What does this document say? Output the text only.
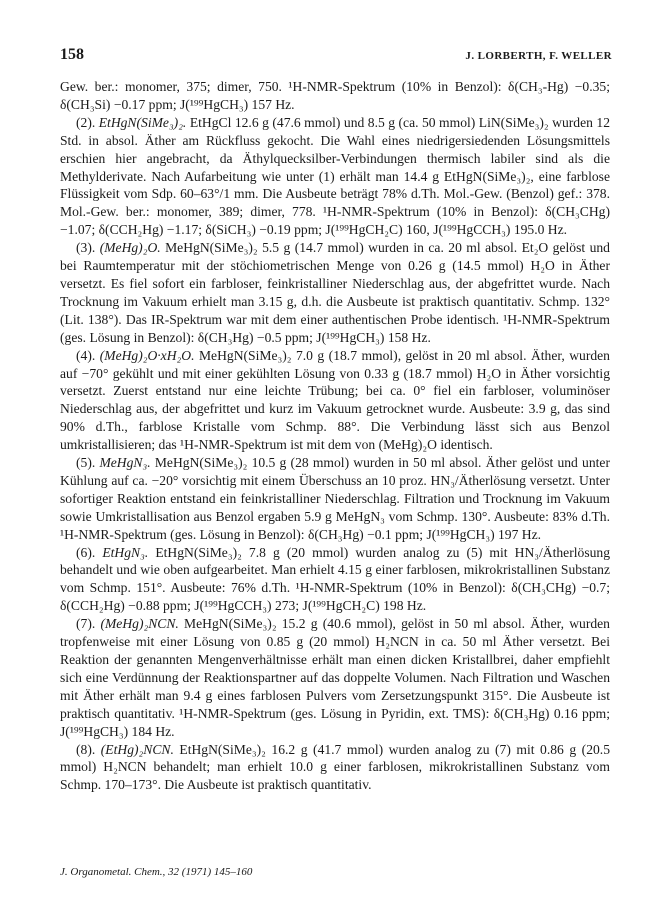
158	J. LORBERTH, F. WELLER

Gew. ber.: monomer, 375; dimer, 750. ¹H-NMR-Spektrum (10% in Benzol): δ(CH₃-Hg) −0.35; δ(CH₃Si) −0.17 ppm; J(¹⁹⁹HgCH₃) 157 Hz.

(2). EtHgN(SiMe₃)₂. EtHgCl 12.6 g (47.6 mmol) und 8.5 g (ca. 50 mmol) LiN(SiMe₃)₂ wurden 12 Std. in absol. Äther am Rückfluss gekocht. Die Wahl eines niedrigersiedenden Lösungsmittels erschien hier angebracht, da Äthylquecksilber-Verbindungen thermisch labiler sind als die Methylderivate. Nach Aufarbeitung wie unter (1) erhält man 14.4 g EtHgN(SiMe₃)₂, eine farblose Flüssigkeit vom Sdp. 60–63°/1 mm. Die Ausbeute beträgt 78% d.Th. Mol.-Gew. (Benzol) gef.: 378. Mol.-Gew. ber.: monomer, 389; dimer, 778. ¹H-NMR-Spektrum (10% in Benzol): δ(CH₃CHg) −1.07; δ(CCH₂Hg) −1.17; δ(SiCH₃) −0.19 ppm; J(¹⁹⁹HgCH₂C) 160, J(¹⁹⁹HgCCH₃) 195.0 Hz.

(3). (MeHg)₂O. MeHgN(SiMe₃)₂ 5.5 g (14.7 mmol) wurden in ca. 20 ml absol. Et₂O gelöst und bei Raumtemperatur mit der stöchiometrischen Menge von 0.26 g (14.5 mmol) H₂O in Äther versetzt. Es fiel sofort ein farbloser, feinkristalliner Niederschlag aus, der abgefrittet wurde. Nach Trocknung im Vakuum erhielt man 3.15 g, d.h. die Ausbeute ist praktisch quantitativ. Schmp. 132° (Lit. 138°). Das IR-Spektrum war mit dem einer authentischen Probe identisch. ¹H-NMR-Spektrum (ges. Lösung in Benzol): δ(CH₃Hg) −0.5 ppm; J(¹⁹⁹HgCH₃) 158 Hz.

(4). (MeHg)₂O·xH₂O. MeHgN(SiMe₃)₂ 7.0 g (18.7 mmol), gelöst in 20 ml absol. Äther, wurden auf −70° gekühlt und mit einer gekühlten Lösung von 0.33 g (18.7 mmol) H₂O in Äther vorsichtig versetzt. Zuerst entstand nur eine leichte Trübung; bei ca. 0° fiel ein farbloser, voluminöser Niederschlag aus, der abgefrittet und kurz im Vakuum getrocknet wurde. Ausbeute: 3.9 g, das sind 90% d.Th., farblose Kristalle vom Schmp. 88°. Die Verbindung lässt sich aus Benzol umkristallisieren; das ¹H-NMR-Spektrum ist mit dem von (MeHg)₂O identisch.

(5). MeHgN₃. MeHgN(SiMe₃)₂ 10.5 g (28 mmol) wurden in 50 ml absol. Äther gelöst und unter Kühlung auf ca. −20° vorsichtig mit einem Überschuss an 10 proz. HN₃/Ätherlösung versetzt. Unter sofortiger Reaktion entstand ein feinkristalliner Niederschlag. Filtration und Trocknung im Vakuum sowie Umkristallisation aus Benzol ergaben 5.9 g MeHgN₃ vom Schmp. 130°. Ausbeute: 83% d.Th. ¹H-NMR-Spektrum (ges. Lösung in Benzol): δ(CH₃Hg) −0.1 ppm; J(¹⁹⁹HgCH₃) 197 Hz.

(6). EtHgN₃. EtHgN(SiMe₃)₂ 7.8 g (20 mmol) wurden analog zu (5) mit HN₃/Ätherlösung behandelt und wie oben aufgearbeitet. Man erhielt 4.15 g einer farblosen, mikrokristallinen Substanz vom Schmp. 151°. Ausbeute: 76% d.Th. ¹H-NMR-Spektrum (10% in Benzol): δ(CH₃CHg) −0.7; δ(CCH₂Hg) −0.88 ppm; J(¹⁹⁹HgCCH₃) 273; J(¹⁹⁹HgCH₂C) 198 Hz.

(7). (MeHg)₂NCN. MeHgN(SiMe₃)₂ 15.2 g (40.6 mmol), gelöst in 50 ml absol. Äther, wurden tropfenweise mit einer Lösung von 0.85 g (20 mmol) H₂NCN in ca. 50 ml Äther versetzt. Bei Reaktion der genannten Mengenverhältnisse erhält man einen dicken Kristallbrei, daher empfiehlt sich eine Verdünnung der Reaktionspartner auf das doppelte Volumen. Nach Filtration und Waschen mit Äther erhält man 9.4 g eines farblosen Pulvers vom Zersetzungspunkt 315°. Die Ausbeute ist praktisch quantitativ. ¹H-NMR-Spektrum (ges. Lösung in Pyridin, ext. TMS): δ(CH₃Hg) 0.16 ppm; J(¹⁹⁹HgCH₃) 184 Hz.

(8). (EtHg)₂NCN. EtHgN(SiMe₃)₂ 16.2 g (41.7 mmol) wurden analog zu (7) mit 0.86 g (20.5 mmol) H₂NCN behandelt; man erhielt 10.0 g einer farblosen, mikrokristallinen Substanz vom Schmp. 170–173°. Die Ausbeute ist praktisch quantitativ.

J. Organometal. Chem., 32 (1971) 145–160
